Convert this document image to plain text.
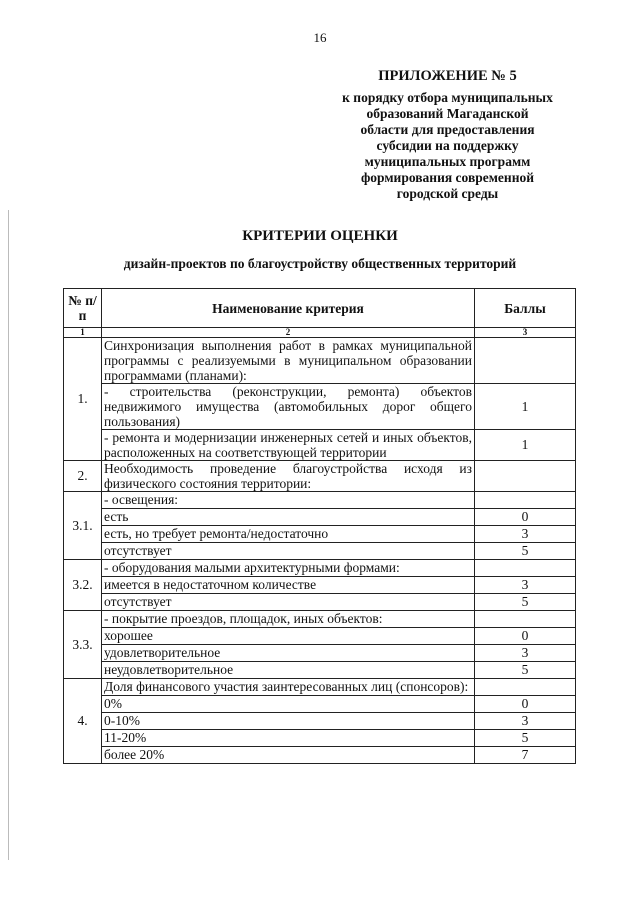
16
ПРИЛОЖЕНИЕ № 5
к порядку отбора муниципальных
образований Магаданской
области для предоставления
субсидии на поддержку
муниципальных программ
формирования современной
городской среды
КРИТЕРИИ ОЦЕНКИ
дизайн-проектов по благоустройству общественных территорий
№ п/п	Наименование критерия	Баллы
1	2	3
1.	Синхронизация выполнения работ в рамках муниципальной программы с реализуемыми в муниципальном образовании программами (планами):	
	- строительства (реконструкции, ремонта) объектов недвижимого имущества (автомобильных дорог общего пользования)	1
	- ремонта и модернизации инженерных сетей и иных объектов, расположенных на соответствующей территории	1
2.	Необходимость проведение благоустройства исходя из физического состояния территории:	
3.1.	- освещения:	
	есть	0
	есть, но требует ремонта/недостаточно	3
	отсутствует	5
3.2.	- оборудования малыми архитектурными формами:	
	имеется в недостаточном количестве	3
	отсутствует	5
3.3.	- покрытие проездов, площадок, иных объектов:	
	хорошее	0
	удовлетворительное	3
	неудовлетворительное	5
4.	Доля финансового участия заинтересованных лиц (спонсоров):	
	0%	0
	0-10%	3
	11-20%	5
	более 20%	7
